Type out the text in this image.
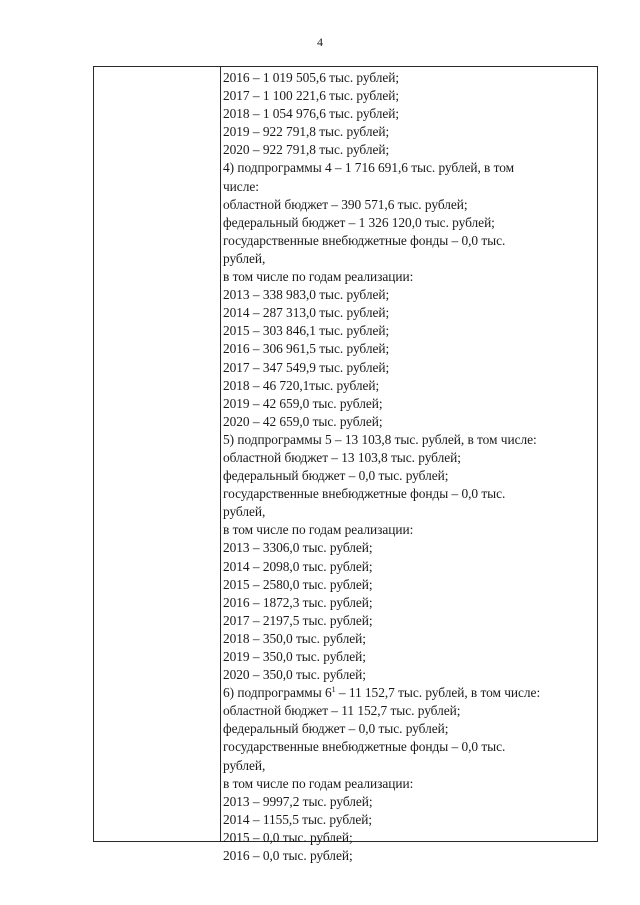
4
2016 – 1 019 505,6 тыс. рублей;
2017 – 1 100 221,6 тыс. рублей;
2018 – 1 054 976,6 тыс. рублей;
2019 – 922 791,8 тыс. рублей;
2020 – 922 791,8 тыс. рублей;
4) подпрограммы 4 – 1 716 691,6 тыс. рублей, в том
числе:
областной бюджет – 390 571,6 тыс. рублей;
федеральный бюджет – 1 326 120,0 тыс. рублей;
государственные внебюджетные фонды – 0,0 тыс.
рублей,
в том числе по годам реализации:
2013 – 338 983,0 тыс. рублей;
2014 – 287 313,0 тыс. рублей;
2015 – 303 846,1 тыс. рублей;
2016 – 306 961,5 тыс. рублей;
2017 – 347 549,9 тыс. рублей;
2018 – 46 720,1тыс. рублей;
2019 – 42 659,0 тыс. рублей;
2020 – 42 659,0 тыс. рублей;
5) подпрограммы 5 – 13 103,8 тыс. рублей, в том числе:
областной бюджет – 13 103,8 тыс. рублей;
федеральный бюджет – 0,0 тыс. рублей;
государственные внебюджетные фонды – 0,0 тыс.
рублей,
в том числе по годам реализации:
2013 – 3306,0 тыс. рублей;
2014 – 2098,0 тыс. рублей;
2015 – 2580,0 тыс. рублей;
2016 – 1872,3 тыс. рублей;
2017 – 2197,5 тыс. рублей;
2018 – 350,0 тыс. рублей;
2019 – 350,0 тыс. рублей;
2020 – 350,0 тыс. рублей;
6) подпрограммы $6^1 - 11$ 152,7 тыс. рублей, в том числе:
областной бюджет – 11 152,7 тыс. рублей;
федеральный бюджет – 0,0 тыс. рублей;
государственные внебюджетные фонды – 0,0 тыс.
рублей,
в том числе по годам реализации:
2013 – 9997,2 тыс. рублей;
2014 – 1155,5 тыс. рублей;
2015 – 0,0 тыс. рублей;
2016 – 0,0 тыс. рублей;
